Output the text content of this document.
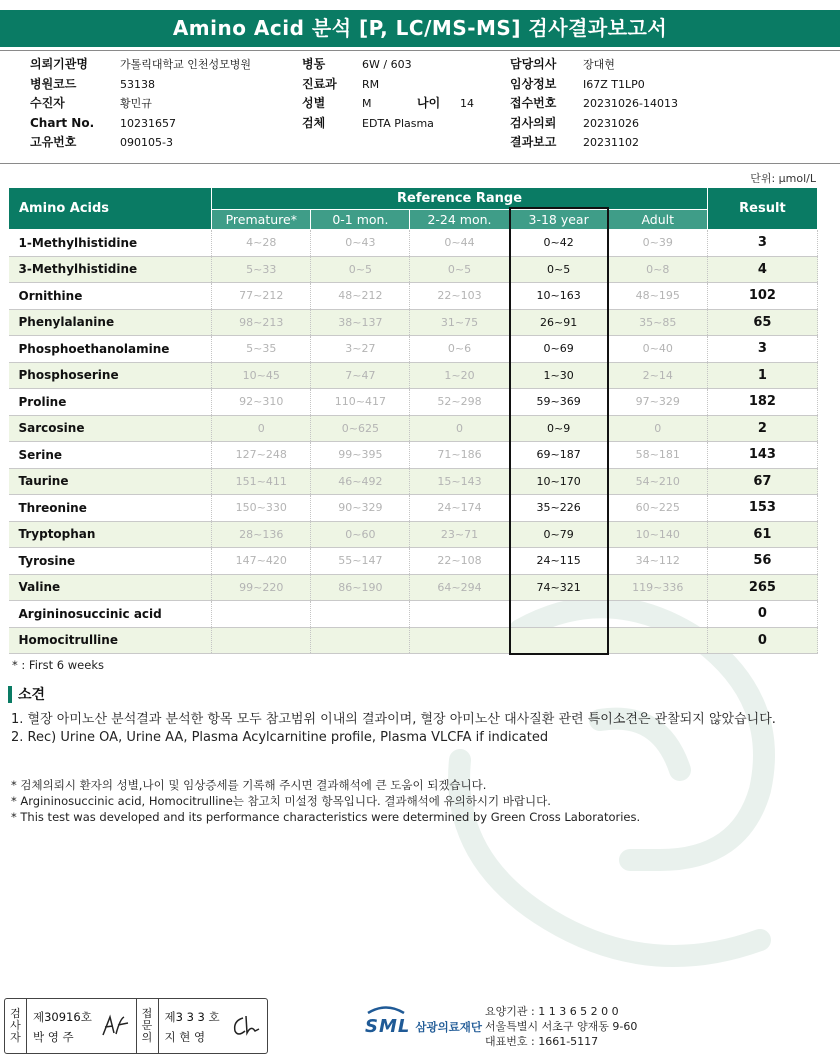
Amino Acid 분석 [P, LC/MS-MS] 검사결과보고서
의뢰기관명	가톨릭대학교 인천성모병원
병원코드	53138
수진자	황민규
Chart No.	10231657
고유번호	090105-3
병동	6W / 603
진료과	RM
성별	M	나이	14
검체	EDTA Plasma
담당의사	장대현
임상정보	I67Z T1LP0
접수번호	20231026-14013
검사의뢰	20231026
결과보고	20231102
단위: μmol/L
Amino Acids	Reference Range					Result
	Premature*	0-1 mon.	2-24 mon.	3-18 year	Adult	
1-Methylhistidine	4~28	0~43	0~44	0~42	0~39	3
3-Methylhistidine	5~33	0~5	0~5	0~5	0~8	4
Ornithine	77~212	48~212	22~103	10~163	48~195	102
Phenylalanine	98~213	38~137	31~75	26~91	35~85	65
Phosphoethanolamine	5~35	3~27	0~6	0~69	0~40	3
Phosphoserine	10~45	7~47	1~20	1~30	2~14	1
Proline	92~310	110~417	52~298	59~369	97~329	182
Sarcosine	0	0~625	0	0~9	0	2
Serine	127~248	99~395	71~186	69~187	58~181	143
Taurine	151~411	46~492	15~143	10~170	54~210	67
Threonine	150~330	90~329	24~174	35~226	60~225	153
Tryptophan	28~136	0~60	23~71	0~79	10~140	61
Tyrosine	147~420	55~147	22~108	24~115	34~112	56
Valine	99~220	86~190	64~294	74~321	119~336	265
Argininosuccinic acid						0
Homocitrulline						0
* : First 6 weeks
소견
1. 혈장 아미노산 분석결과 분석한 항목 모두 참고범위 이내의 결과이며, 혈장 아미노산 대사질환 관련 특이소견은 관찰되지 않았습니다.
2. Rec) Urine OA, Urine AA, Plasma Acylcarnitine profile, Plasma VLCFA if indicated
* 검체의뢰시 환자의 성별,나이 및 임상증세를 기록해 주시면 결과해석에 큰 도움이 되겠습니다.
* Argininosuccinic acid, Homocitrulline는 참고치 미설정 항목입니다. 결과해석에 유의하시기 바랍니다.
* This test was developed and its performance characteristics were determined by Green Cross Laboratories.
검
사
자
제30916호
박 영 주
접
문
의
제3 3 3 호
지 현 영	SML 삼광의료재단
요양기관 : 1 1 3 6 5 2 0 0
서울특별시 서초구 양재동 9-60
대표번호 : 1661-5117
